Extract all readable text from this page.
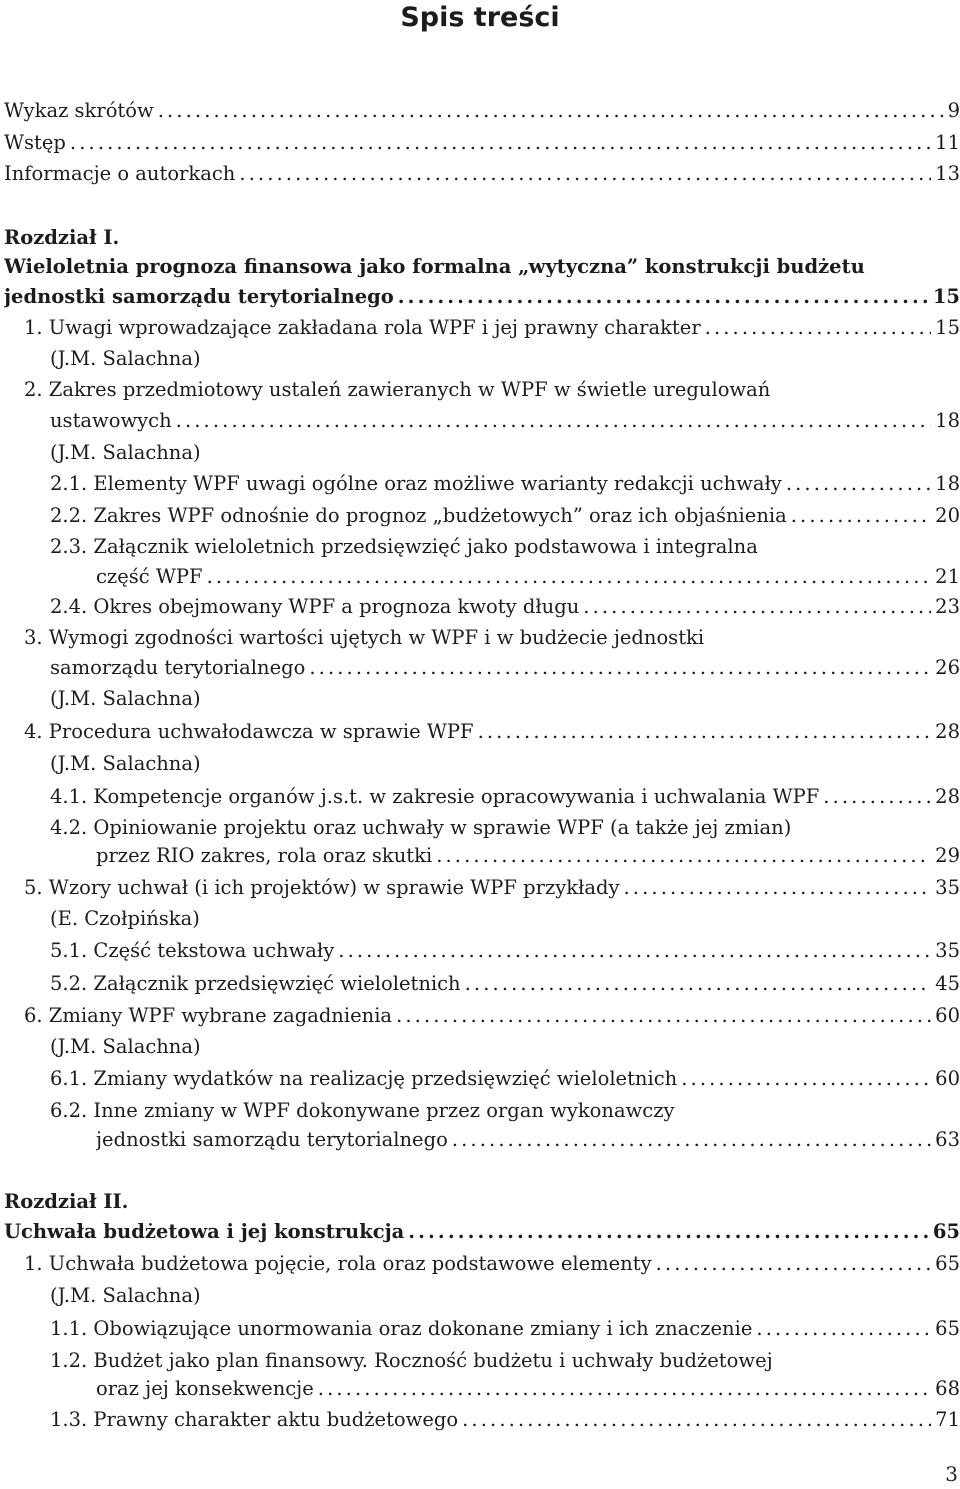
Spis treści
Wykaz skrótów .....	9
Wstęp .....	11
Informacje o autorkach .....	13
Rozdział I.
Wieloletnia prognoza finansowa jako formalna „wytyczna” konstrukcji budżetu
jednostki samorządu terytorialnego .....	15
1. Uwagi wprowadzające zakładana rola WPF i jej prawny charakter .....	15
(J.M. Salachna)
2. Zakres przedmiotowy ustaleń zawieranych w WPF w świetle uregulowań
ustawowych .....	18
(J.M. Salachna)
2.1. Elementy WPF uwagi ogólne oraz możliwe warianty redakcji uchwały .....	18
2.2. Zakres WPF odnośnie do prognoz „budżetowych” oraz ich objaśnienia .....	20
2.3. Załącznik wieloletnich przedsięwzięć jako podstawowa i integralna
część WPF .....	21
2.4. Okres obejmowany WPF a prognoza kwoty długu .....	23
3. Wymogi zgodności wartości ujętych w WPF i w budżecie jednostki
samorządu terytorialnego .....	26
(J.M. Salachna)
4. Procedura uchwałodawcza w sprawie WPF .....	28
(J.M. Salachna)
4.1. Kompetencje organów j.s.t. w zakresie opracowywania i uchwalania WPF .....	28
4.2. Opiniowanie projektu oraz uchwały w sprawie WPF (a także jej zmian)
przez RIO zakres, rola oraz skutki .....	29
5. Wzory uchwał (i ich projektów) w sprawie WPF przykłady .....	35
(E. Czołpińska)
5.1. Część tekstowa uchwały .....	35
5.2. Załącznik przedsięwzięć wieloletnich .....	45
6. Zmiany WPF wybrane zagadnienia .....	60
(J.M. Salachna)
6.1. Zmiany wydatków na realizację przedsięwzięć wieloletnich .....	60
6.2. Inne zmiany w WPF dokonywane przez organ wykonawczy
jednostki samorządu terytorialnego .....	63
Rozdział II.
Uchwała budżetowa i jej konstrukcja .....	65
1. Uchwała budżetowa pojęcie, rola oraz podstawowe elementy .....	65
(J.M. Salachna)
1.1. Obowiązujące unormowania oraz dokonane zmiany i ich znaczenie .....	65
1.2. Budżet jako plan finansowy. Roczność budżetu i uchwały budżetowej
oraz jej konsekwencje .....	68
1.3. Prawny charakter aktu budżetowego .....	71
3
